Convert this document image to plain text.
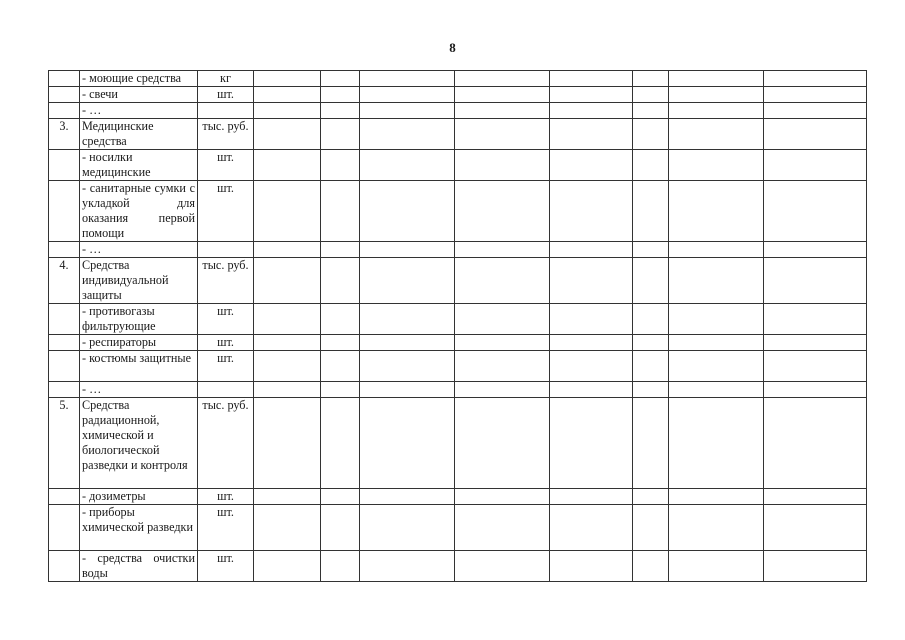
8
	- моющие средства	кг								
	- свечи	шт.								
	- …									
3.	Медицинские средства	тыс. руб.								
	- носилки медицинские	шт.								
	- санитарные сумки с укладкой для оказания первой помощи	шт.								
	- …									
4.	Средства индивидуальной защиты	тыс. руб.								
	- противогазы фильтрующие	шт.								
	- респираторы	шт.								
	- костюмы защитные	шт.								
	- …									
5.	Средства радиационной, химической и биологической разведки и контроля	тыс. руб.								
	- дозиметры	шт.								
	- приборы химической разведки	шт.								
	- средства очистки воды	шт.								
